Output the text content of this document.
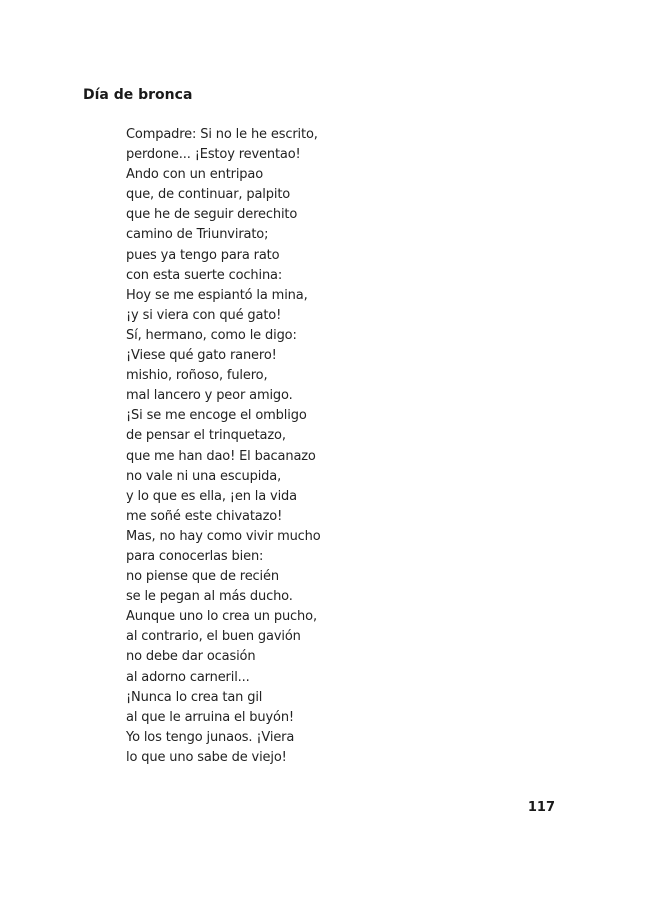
Día de bronca
Compadre: Si no le he escrito,
perdone... ¡Estoy reventao!
Ando con un entripao
que, de continuar, palpito
que he de seguir derechito
camino de Triunvirato;
pues ya tengo para rato
con esta suerte cochina:
Hoy se me espiantó la mina,
¡y si viera con qué gato!
Sí, hermano, como le digo:
¡Viese qué gato ranero!
mishio, roñoso, fulero,
mal lancero y peor amigo.
¡Si se me encoge el ombligo
de pensar el trinquetazo,
que me han dao! El bacanazo
no vale ni una escupida,
y lo que es ella, ¡en la vida
me soñé este chivatazo!
Mas, no hay como vivir mucho
para conocerlas bien:
no piense que de recién
se le pegan al más ducho.
Aunque uno lo crea un pucho,
al contrario, el buen gavión
no debe dar ocasión
al adorno carneril...
¡Nunca lo crea tan gil
al que le arruina el buyón!
Yo los tengo junaos. ¡Viera
lo que uno sabe de viejo!
117
